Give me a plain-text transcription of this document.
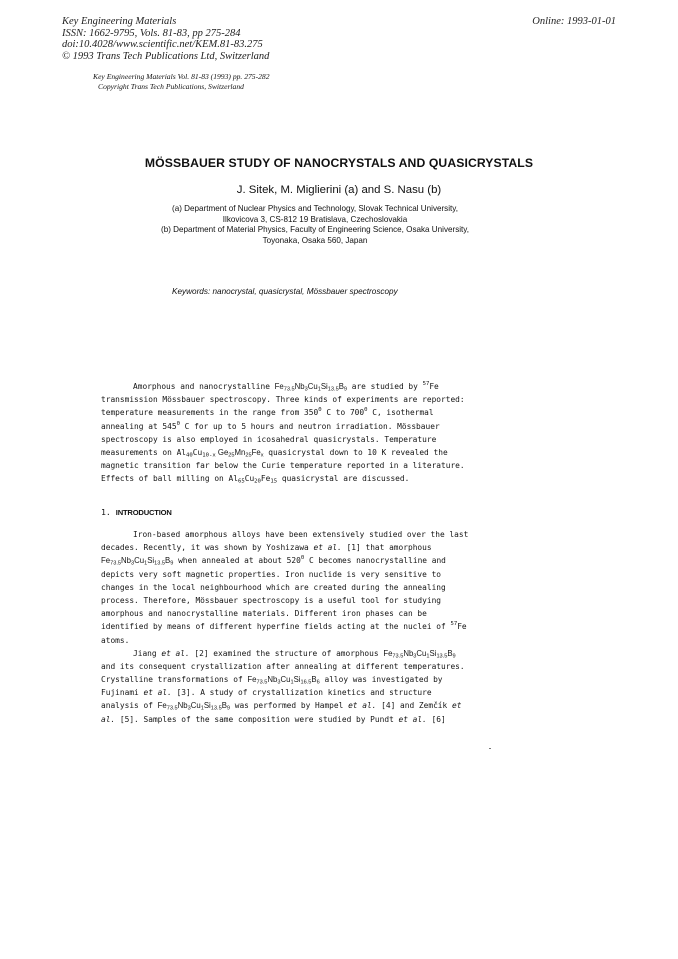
Key Engineering Materials
ISSN: 1662-9795, Vols. 81-83, pp 275-284
doi:10.4028/www.scientific.net/KEM.81-83.275
© 1993 Trans Tech Publications Ltd, Switzerland
Online: 1993-01-01
Key Engineering Materials Vol. 81-83 (1993) pp. 275-282
Copyright Trans Tech Publications, Switzerland
MÖSSBAUER STUDY OF NANOCRYSTALS AND QUASICRYSTALS
J. Sitek, M. Miglierini (a) and S. Nasu (b)
(a) Department of Nuclear Physics and Technology, Slovak Technical University,
Ilkovicova 3, CS-812 19 Bratislava, Czechoslovakia
(b) Department of Material Physics, Faculty of Engineering Science, Osaka University,
Toyonaka, Osaka 560, Japan
Keywords: nanocrystal, quasicrystal, Mössbauer spectroscopy
Amorphous and nanocrystalline $Fe_{73.5}Nb_3Cu_1Si_{13.5}B_9$ are studied by $^{57}$Fe
transmission Mössbauer spectroscopy. Three kinds of experiments are reported:
temperature measurements in the range from $350^0$ C to $700^0$ C, isothermal
annealing at $545^0$ C for up to 5 hours and neutron irradiation. Mössbauer
spectroscopy is also employed in icosahedral quasicrystals. Temperature
measurements on $Al_{40}Cu_{10-x}$ $Ge_{25}Mn_{25}Fe_x$ quasicrystal down to 10 K revealed the
magnetic transition far below the Curie temperature reported in a literature.
Effects of ball milling on $Al_{65}Cu_{20}Fe_{15}$ quasicrystal are discussed.
1. INTRODUCTION
Iron-based amorphous alloys have been extensively studied over the last
decades. Recently, it was shown by Yoshizawa et al. [1] that amorphous
$Fe_{73.5}Nb_3Cu_1Si_{13.5}B_9$ when annealed at about $520^0$ C becomes nanocrystalline and
depicts very soft magnetic properties. Iron nuclide is very sensitive to
changes in the local neighbourhood which are created during the annealing
process. Therefore, Mössbauer spectroscopy is a useful tool for studying
amorphous and nanocrystalline materials. Different iron phases can be
identified by means of different hyperfine fields acting at the nuclei of $^{57}$Fe
atoms.
Jiang et al. [2] examined the structure of amorphous $Fe_{73.5}Nb_3Cu_1Si_{13.5}B_9$
and its consequent crystallization after annealing at different temperatures.
Crystalline transformations of $Fe_{73.5}Nb_3Cu_1Si_{16.5}B_6$ alloy was investigated by
Fujinami et al. [3]. A study of crystallization kinetics and structure
analysis of $Fe_{73.5}Nb_3Cu_1Si_{13.5}B_9$ was performed by Hampel et al. [4] and Zemčík et
al. [5]. Samples of the same composition were studied by Pundt et al. [6]
